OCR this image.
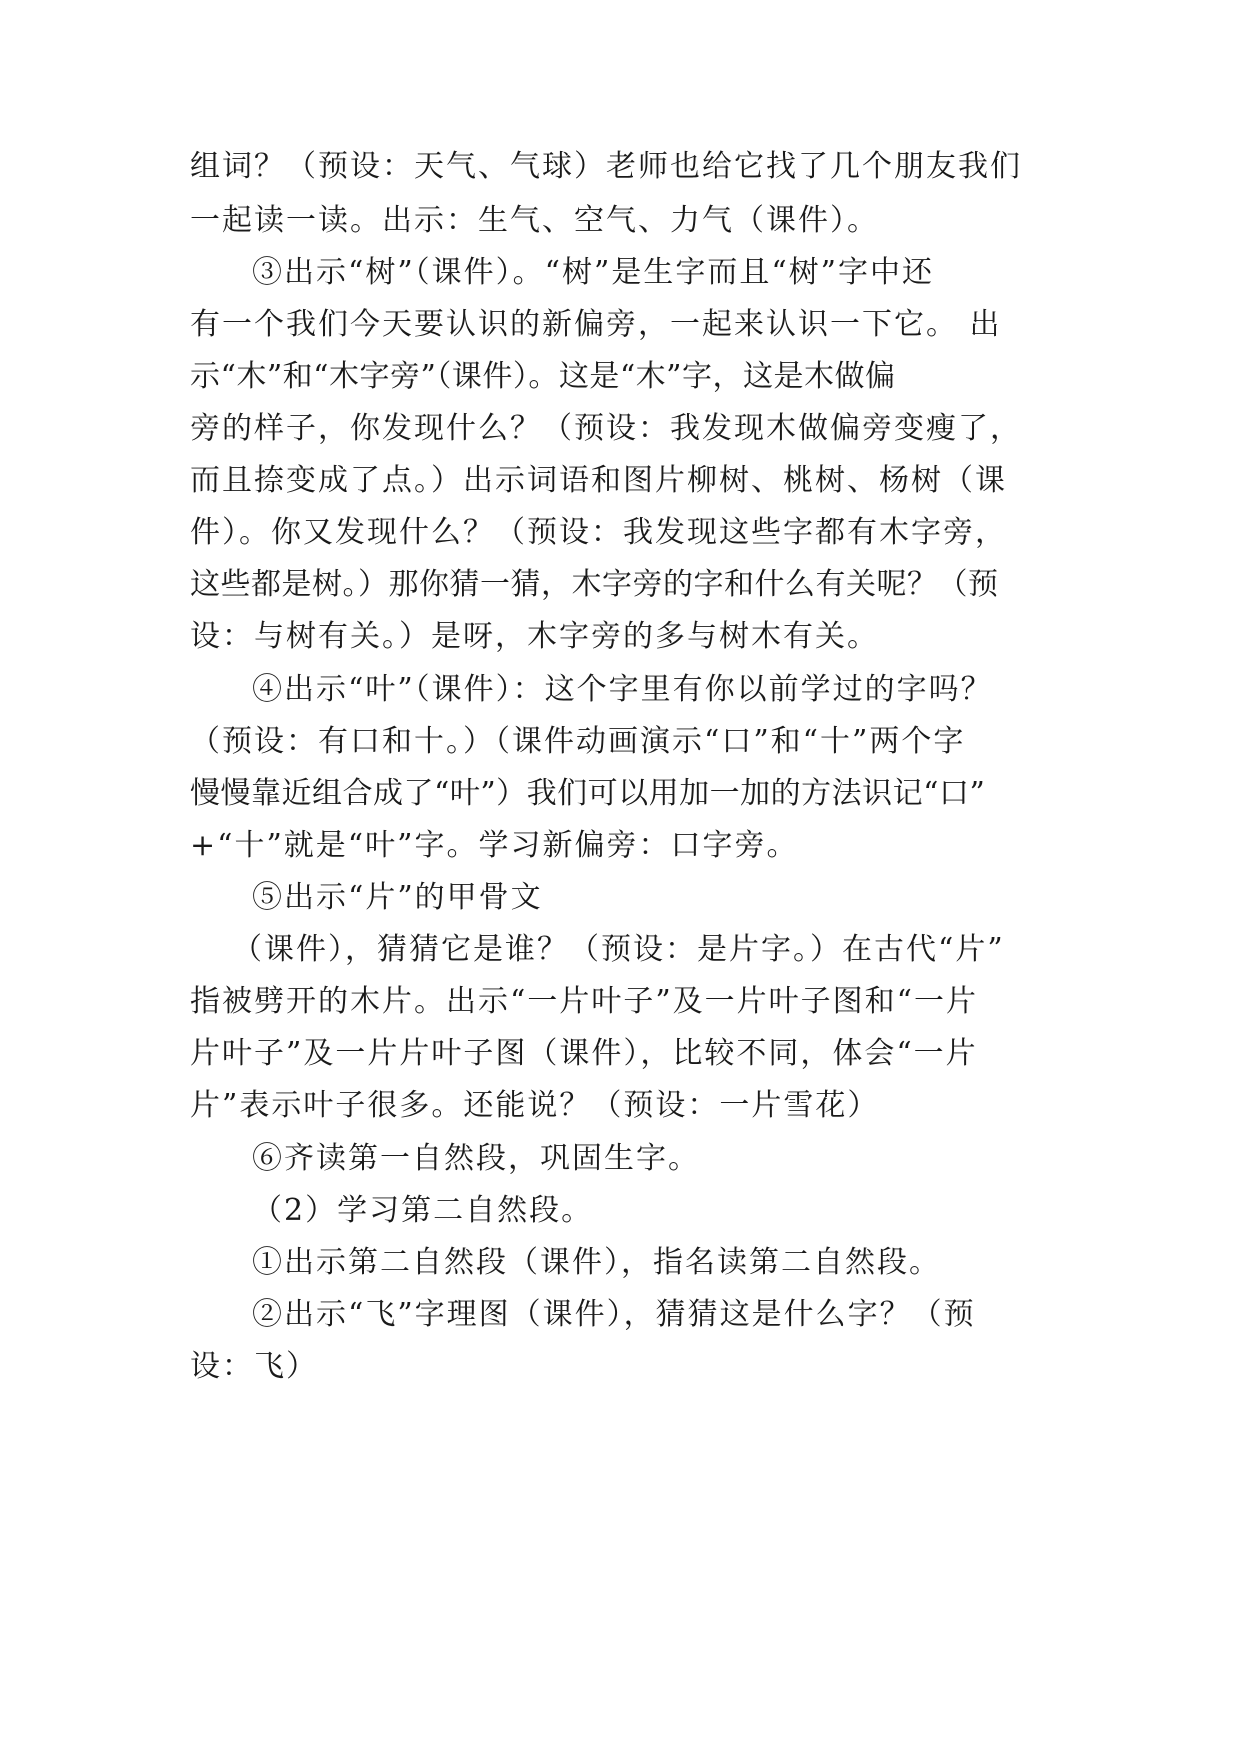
组词？（预设：天气、气球）老师也给它找了几个朋友我们
一起读一读。出示：生气、空气、力气（课件）。
③出示“树”（课件）。“树”是生字而且“树”字中还
有一个我们今天要认识的新偏旁，一起来认识一下它。 出
示“木”和“木字旁”（课件）。这是“木”字，这是木做偏
旁的样子，你发现什么？（预设：我发现木做偏旁变瘦了，
而且捺变成了点。）出示词语和图片柳树、桃树、杨树（课
件）。你又发现什么？（预设：我发现这些字都有木字旁，
这些都是树。）那你猜一猜，木字旁的字和什么有关呢？（预
设：与树有关。）是呀，木字旁的多与树木有关。
④出示“叶”（课件）：这个字里有你以前学过的字吗？
（预设：有口和十。）（课件动画演示“口”和“十”两个字
慢慢靠近组合成了“叶”）我们可以用加一加的方法识记“口”
+“十”就是“叶”字。学习新偏旁：口字旁。
⑤出示“片”的甲骨文
（课件），猜猜它是谁？（预设：是片字。）在古代“片”
指被劈开的木片。出示“一片叶子”及一片叶子图和“一片
片叶子”及一片片叶子图（课件），比较不同，体会“一片
片”表示叶子很多。还能说？（预设：一片雪花）
⑥齐读第一自然段，巩固生字。
（2）学习第二自然段。
①出示第二自然段（课件），指名读第二自然段。
②出示“飞”字理图（课件），猜猜这是什么字？（预
设：飞）
